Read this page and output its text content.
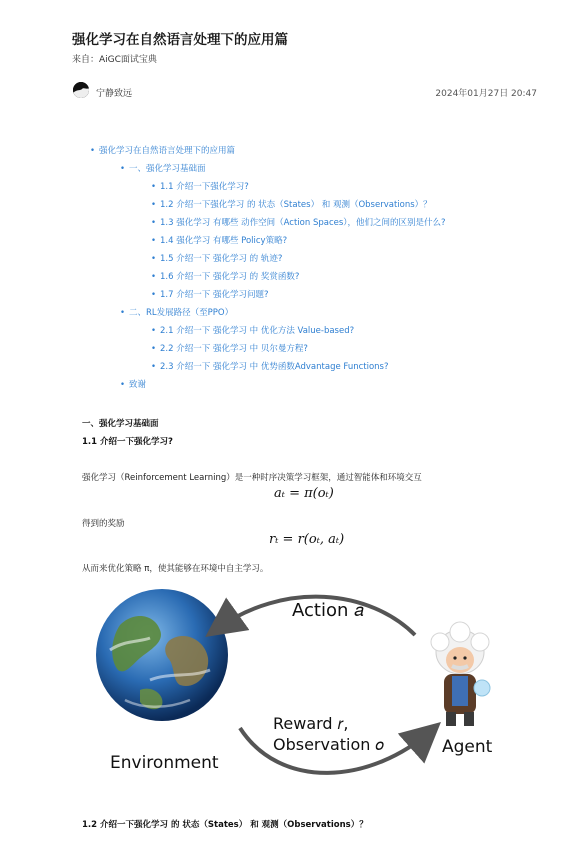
强化学习在自然语言处理下的应用篇
来自：AiGC面试宝典
宁静致远	2024年01月27日 20:47
• 强化学习在自然语言处理下的应用篇
• 一、强化学习基础面
• 1.1 介绍一下强化学习?
• 1.2 介绍一下强化学习 的 状态（States） 和 观测（Observations）？
• 1.3 强化学习 有哪些 动作空间（Action Spaces），他们之间的区别是什么?
• 1.4 强化学习 有哪些 Policy策略?
• 1.5 介绍一下 强化学习 的 轨迹?
• 1.6 介绍一下 强化学习 的 奖赏函数?
• 1.7 介绍一下 强化学习问题?
• 二、RL发展路径（至PPO）
• 2.1 介绍一下 强化学习 中 优化方法 Value-based?
• 2.2 介绍一下 强化学习 中 贝尔曼方程?
• 2.3 介绍一下 强化学习 中 优势函数Advantage Functions?
• 致谢
一、强化学习基础面
1.1 介绍一下强化学习?
强化学习（Reinforcement Learning）是一种时序决策学习框架，通过智能体和环境交互
aₜ = π(oₜ)
得到的奖励
rₜ = r(oₜ, aₜ)
从而来优化策略 π，使其能够在环境中自主学习。
Action 𝑎
Reward 𝑟,
Observation 𝑜
Environment
Agent
1.2 介绍一下强化学习 的 状态（States） 和 观测（Observations）？
